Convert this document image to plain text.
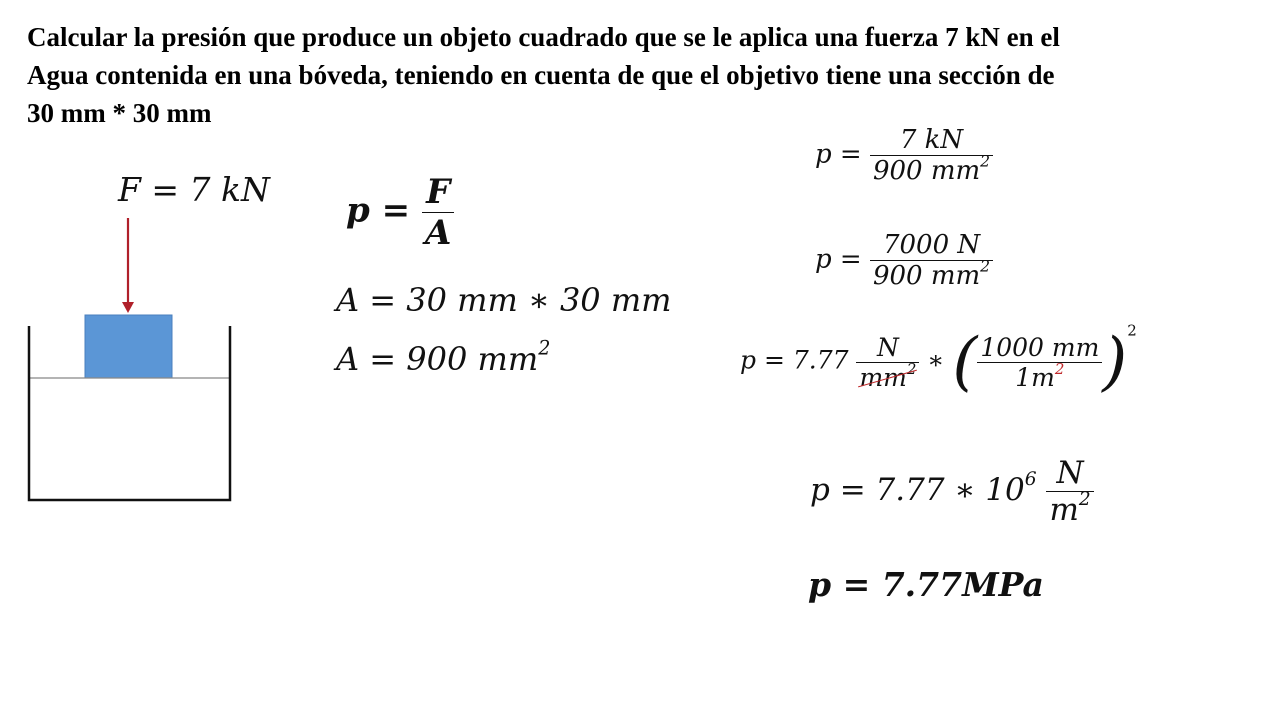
Calcular la presión que produce un objeto cuadrado que se le aplica una fuerza 7 kN en el
Agua contenida en una bóveda, teniendo en cuenta de que el objetivo tiene una sección de
30 mm * 30 mm
F = 7 kN
$p = \frac{F}{A}$
A = 30 mm ∗ 30 mm
A = 900 $mm^2$
$p = \frac{7 kN}{900 mm^2}$
$p = \frac{7000 N}{900 mm^2}$
$p = 7.77 \frac{N}{mm^2}$ ∗ ( $\frac{1000 mm}{1m^2} )^2$
p = 7.77 ∗ $10^6 \frac{N}{m^2}$
p = 7.77MPa
